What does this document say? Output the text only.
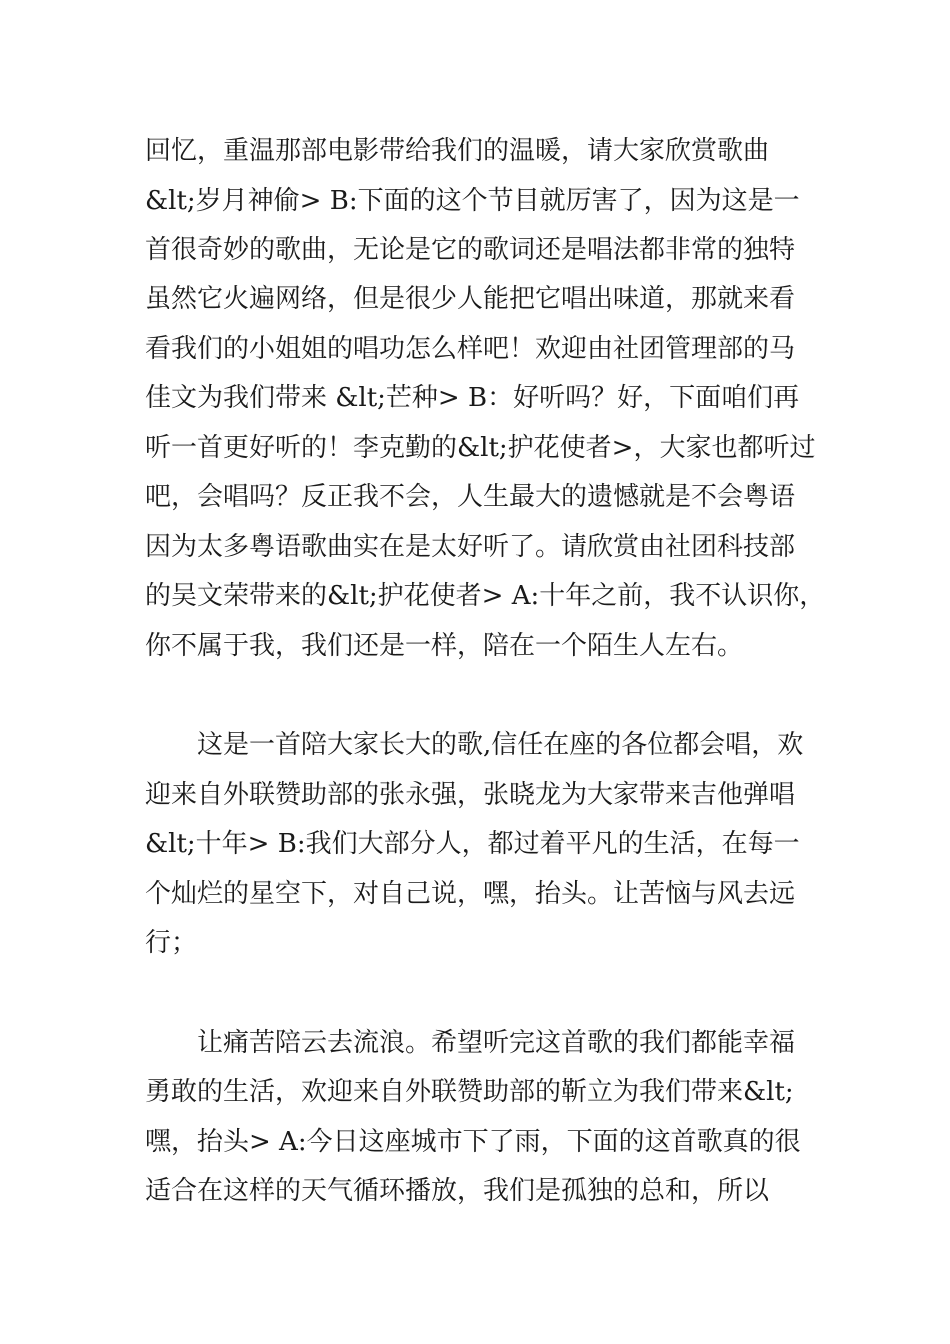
回忆，重温那部电影带给我们的温暖，请大家欣赏歌曲
&lt;岁月神偷> B:下面的这个节目就厉害了，因为这是一
首很奇妙的歌曲，无论是它的歌词还是唱法都非常的独特
虽然它火遍网络，但是很少人能把它唱出味道，那就来看
看我们的小姐姐的唱功怎么样吧！欢迎由社团管理部的马
佳文为我们带来 &lt;芒种> B：好听吗？好，下面咱们再
听一首更好听的！李克勤的&lt;护花使者>，大家也都听过
吧，会唱吗？反正我不会，人生最大的遗憾就是不会粤语
因为太多粤语歌曲实在是太好听了。请欣赏由社团科技部
的吴文荣带来的&lt;护花使者> A:十年之前，我不认识你，
你不属于我，我们还是一样，陪在一个陌生人左右。
这是一首陪大家长大的歌,信任在座的各位都会唱，欢
迎来自外联赞助部的张永强，张晓龙为大家带来吉他弹唱
&lt;十年> B:我们大部分人，都过着平凡的生活，在每一
个灿烂的星空下，对自己说，嘿，抬头。让苦恼与风去远
行；
让痛苦陪云去流浪。希望听完这首歌的我们都能幸福
勇敢的生活，欢迎来自外联赞助部的靳立为我们带来&lt;
嘿，抬头> A:今日这座城市下了雨，下面的这首歌真的很
适合在这样的天气循环播放，我们是孤独的总和，所以
